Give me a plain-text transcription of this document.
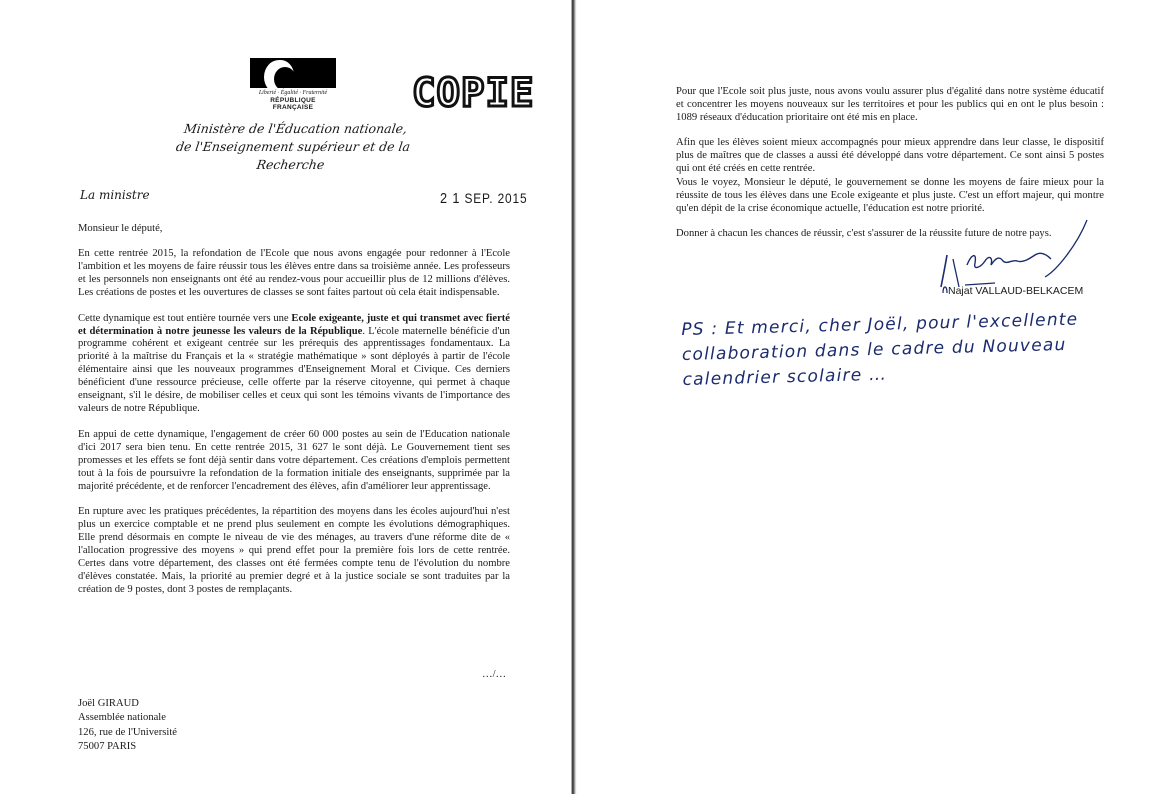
Liberté · Égalité · Fraternité
RÉPUBLIQUE FRANÇAISE	COPIE
Ministère de l'Éducation nationale,
de l'Enseignement supérieur et de la Recherche
La ministre	2 1 SEP. 2015
Monsieur le député,

En cette rentrée 2015, la refondation de l'Ecole que nous avons engagée pour redonner à l'Ecole l'ambition et les moyens de faire réussir tous les élèves entre dans sa troisième année. Les professeurs et les personnels non enseignants ont été au rendez-vous pour accueillir plus de 12 millions d'élèves. Les créations de postes et les ouvertures de classes se sont faites partout où cela était indispensable.

Cette dynamique est tout entière tournée vers une Ecole exigeante, juste et qui transmet avec fierté et détermination à notre jeunesse les valeurs de la République. L'école maternelle bénéficie d'un programme cohérent et exigeant centrée sur les prérequis des apprentissages fondamentaux. La priorité à la maîtrise du Français et la « stratégie mathématique » sont déployés à partir de l'école élémentaire ainsi que les nouveaux programmes d'Enseignement Moral et Civique. Ces derniers bénéficient d'une ressource précieuse, celle offerte par la réserve citoyenne, qui permet à chaque enseignant, s'il le désire, de mobiliser celles et ceux qui sont les témoins vivants de l'importance des valeurs de notre République.

En appui de cette dynamique, l'engagement de créer 60 000 postes au sein de l'Education nationale d'ici 2017 sera bien tenu. En cette rentrée 2015, 31 627 le sont déjà. Le Gouvernement tient ses promesses et les effets se font déjà sentir dans votre département. Ces créations d'emplois permettent tout à la fois de poursuivre la refondation de la formation initiale des enseignants, supprimée par la majorité précédente, et de renforcer l'encadrement des élèves, afin d'améliorer leur apprentissage.

En rupture avec les pratiques précédentes, la répartition des moyens dans les écoles aujourd'hui n'est plus un exercice comptable et ne prend plus seulement en compte les évolutions démographiques. Elle prend désormais en compte le niveau de vie des ménages, au travers d'une réforme dite de « l'allocation progressive des moyens » qui prend effet pour la première fois lors de cette rentrée. Certes dans votre département, des classes ont été fermées compte tenu de l'évolution du nombre d'élèves constatée. Mais, la priorité au premier degré et à la justice sociale se sont traduites par la création de 9 postes, dont 3 postes de remplaçants.

…/…
Joël GIRAUD
Assemblée nationale
126, rue de l'Université
75007 PARIS

Pour que l'Ecole soit plus juste, nous avons voulu assurer plus d'égalité dans notre système éducatif et concentrer les moyens nouveaux sur les territoires et pour les publics qui en ont le plus besoin : 1089 réseaux d'éducation prioritaire ont été mis en place.

Afin que les élèves soient mieux accompagnés pour mieux apprendre dans leur classe, le dispositif plus de maîtres que de classes a aussi été développé dans votre département. Ce sont ainsi 5 postes qui ont été créés en cette rentrée.

Vous le voyez, Monsieur le député, le gouvernement se donne les moyens de faire mieux pour la réussite de tous les élèves dans une Ecole exigeante et plus juste. C'est un effort majeur, qui montre qu'en dépit de la crise économique actuelle, l'éducation est notre priorité.

Donner à chacun les chances de réussir, c'est s'assurer de la réussite future de notre pays.

Najat VALLAUD-BELKACEM
PS : Et merci, cher Joël, pour l'excellente
collaboration dans le cadre du Nouveau
calendrier scolaire …
